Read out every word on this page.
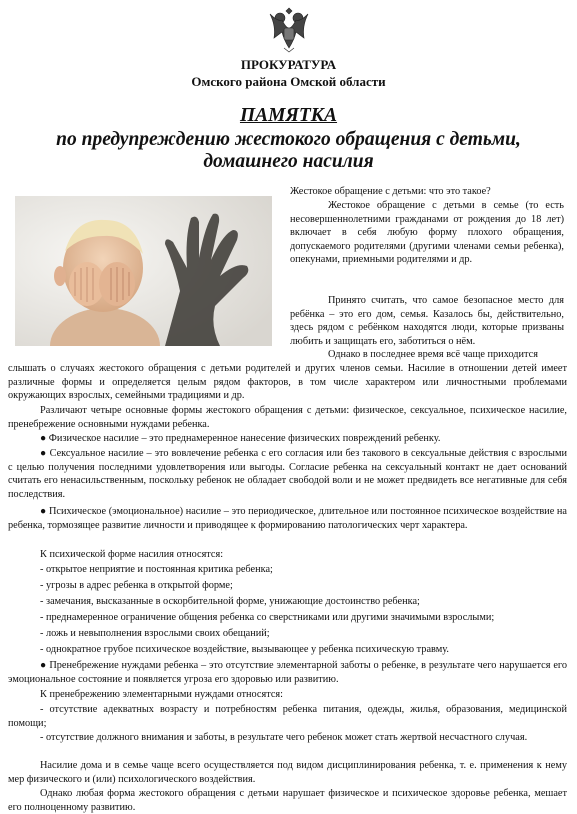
ПРОКУРАТУРА
Омского района Омской области
ПАМЯТКА
по предупреждению жестокого обращения с детьми,
домашнего насилия

Жестокое обращение с детьми: что это такое?

Жестокое обращение с детьми в семье (то есть несовершеннолетними гражданами от рождения до 18 лет) включает в себя любую форму плохого обращения, допускаемого родителями (другими членами семьи ребенка), опекунами, приемными родителями и др.

Принято считать, что самое безопасное место для ребёнка – это его дом, семья. Казалось бы, действительно, здесь рядом с ребёнком находятся люди, которые призваны любить и защищать его, заботиться о нём.

Однако в последнее время всё чаще приходится

слышать о случаях жестокого обращения с детьми родителей и других членов семьи. Насилие в отношении детей имеет различные формы и определяется целым рядом факторов, в том числе характером или личностными проблемами окружающих взрослых, семейными традициями и др.

Различают четыре основные формы жестокого обращения с детьми: физическое, сексуальное, психическое насилие, пренебрежение основными нуждами ребенка.

● Физическое насилие – это преднамеренное нанесение физических повреждений ребенку.

● Сексуальное насилие – это вовлечение ребенка с его согласия или без такового в сексуальные действия с взрослыми с целью получения последними удовлетворения или выгоды. Согласие ребенка на сексуальный контакт не дает оснований считать его ненасильственным, поскольку ребенок не обладает свободой воли и не может предвидеть все негативные для себя последствия.

● Психическое (эмоциональное) насилие – это периодическое, длительное или постоянное психическое воздействие на ребенка, тормозящее развитие личности и приводящее к формированию патологических черт характера.

К психической форме насилия относятся:

- открытое неприятие и постоянная критика ребенка;

- угрозы в адрес ребенка в открытой форме;

- замечания, высказанные в оскорбительной форме, унижающие достоинство ребенка;

- преднамеренное ограничение общения ребенка со сверстниками или другими значимыми взрослыми;

- ложь и невыполнения взрослыми своих обещаний;

- однократное грубое психическое воздействие, вызывающее у ребенка психическую травму.

● Пренебрежение нуждами ребенка – это отсутствие элементарной заботы о ребенке, в результате чего нарушается его эмоциональное состояние и появляется угроза его здоровью или развитию.

К пренебрежению элементарными нуждами относятся:

- отсутствие адекватных возрасту и потребностям ребенка питания, одежды, жилья, образования, медицинской помощи;

- отсутствие должного внимания и заботы, в результате чего ребенок может стать жертвой несчастного случая.

Насилие дома и в семье чаще всего осуществляется под видом дисциплинирования ребенка, т. е. применения к нему мер физического и (или) психологического воздействия.

Однако любая форма жестокого обращения с детьми нарушает физическое и психическое здоровье ребенка, мешает его полноценному развитию.
